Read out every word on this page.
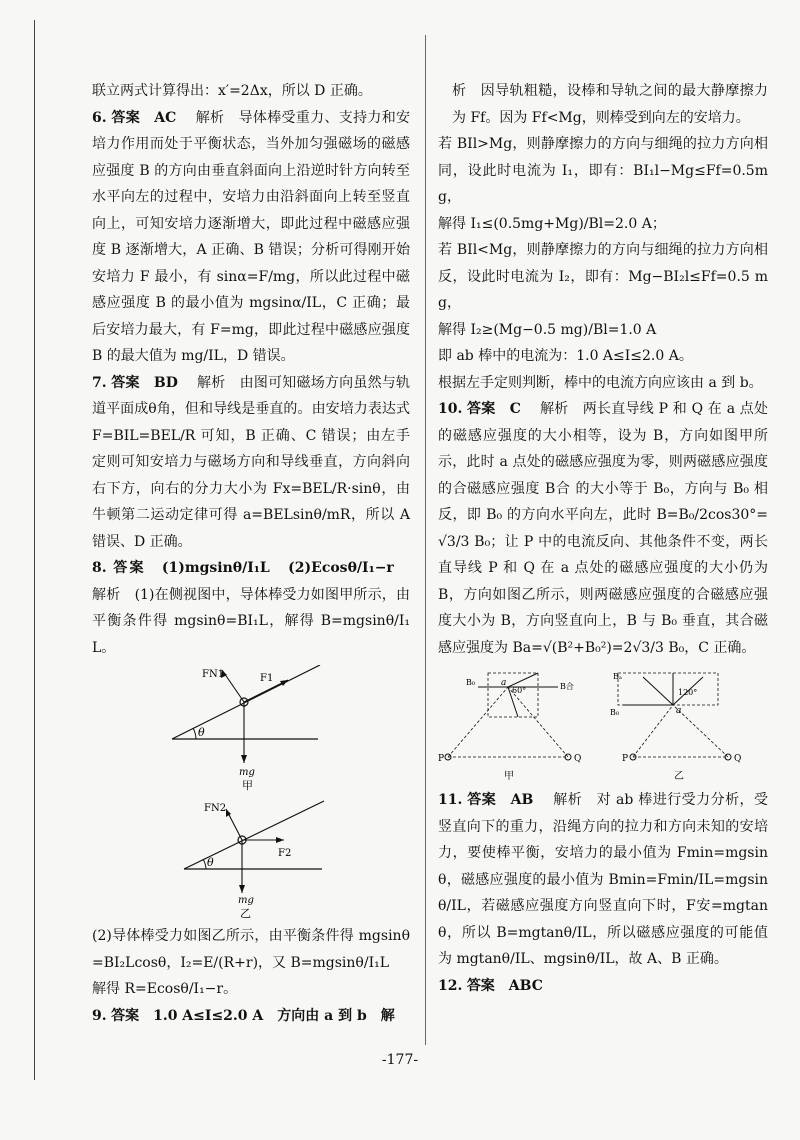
联立两式计算得出：x′=2Δx，所以 D 正确。

6. 答案　AC　 解析　导体棒受重力、支持力和安培力作用而处于平衡状态，当外加匀强磁场的磁感应强度 B 的方向由垂直斜面向上沿逆时针方向转至水平向左的过程中，安培力由沿斜面向上转至竖直向上，可知安培力逐渐增大，即此过程中磁感应强度 B 逐渐增大，A 正确、B 错误；分析可得刚开始安培力 F 最小，有 sinα=F/mg，所以此过程中磁感应强度 B 的最小值为 mgsinα/IL，C 正确；最后安培力最大，有 F=mg，即此过程中磁感应强度 B 的最大值为 mg/IL，D 错误。

7. 答案　BD　 解析　由图可知磁场方向虽然与轨道平面成θ角，但和导线是垂直的。由安培力表达式 F=BIL=BEL/R 可知，B 正确、C 错误；由左手定则可知安培力与磁场方向和导线垂直，方向斜向右下方，向右的分力大小为 Fx=BEL/R·sinθ，由牛顿第二运动定律可得 a=BELsinθ/mR，所以 A 错误、D 正确。

8. 答案　(1)mgsinθ/I₁L　(2)Ecosθ/I₁−r　 解析　(1)在侧视图中，导体棒受力如图甲所示，由平衡条件得 mgsinθ=BI₁L，解得 B=mgsinθ/I₁L。

θ
FN1	F1
mg
甲
θ
FN2
F2
mg
乙

(2)导体棒受力如图乙所示，由平衡条件得 mgsinθ=BI₂Lcosθ，I₂=E/(R+r)，又 B=mgsinθ/I₁L

解得 R=Ecosθ/I₁−r。

9. 答案　1.0 A≤I≤2.0 A　方向由 a 到 b　解

析　因导轨粗糙，设棒和导轨之间的最大静摩擦力为 Ff。因为 Ff<Mg，则棒受到向左的安培力。

若 BIl>Mg，则静摩擦力的方向与细绳的拉力方向相同，设此时电流为 I₁，即有：BI₁l−Mg≤Ff=0.5mg，

解得 I₁≤(0.5mg+Mg)/Bl=2.0 A；

若 BIl<Mg，则静摩擦力的方向与细绳的拉力方向相反，设此时电流为 I₂，即有：Mg−BI₂l≤Ff=0.5 mg，

解得 I₂≥(Mg−0.5 mg)/Bl=1.0 A

即 ab 棒中的电流为：1.0 A≤I≤2.0 A。

根据左手定则判断，棒中的电流方向应该由 a 到 b。

10. 答案　C　 解析　两长直导线 P 和 Q 在 a 点处的磁感应强度的大小相等，设为 B，方向如图甲所示，此时 a 点处的磁感应强度为零，则两磁感应强度的合磁感应强度 B合 的大小等于 B₀，方向与 B₀ 相反，即 B₀ 的方向水平向左，此时 B=B₀/2cos30°=√3/3 B₀；让 P 中的电流反向、其他条件不变，两长直导线 P 和 Q 在 a 点处的磁感应强度的大小仍为 B，方向如图乙所示，则两磁感应强度的合磁感应强度大小为 B，方向竖直向上，B 与 B₀ 垂直，其合磁感应强度为 Ba=√(B²+B₀²)=2√3/3 B₀，C 正确。

a
60°	B合
B₀
P	Q
甲
a
120°
Bₐ
B₀
P	Q
乙

11. 答案　AB　 解析　对 ab 棒进行受力分析，受竖直向下的重力，沿绳方向的拉力和方向未知的安培力，要使棒平衡，安培力的最小值为 Fmin=mgsinθ，磁感应强度的最小值为 Bmin=Fmin/IL=mgsinθ/IL，若磁感应强度方向竖直向下时，F安=mgtanθ，所以 B=mgtanθ/IL，所以磁感应强度的可能值为 mgtanθ/IL、mgsinθ/IL，故 A、B 正确。

12. 答案　ABC

-177-
